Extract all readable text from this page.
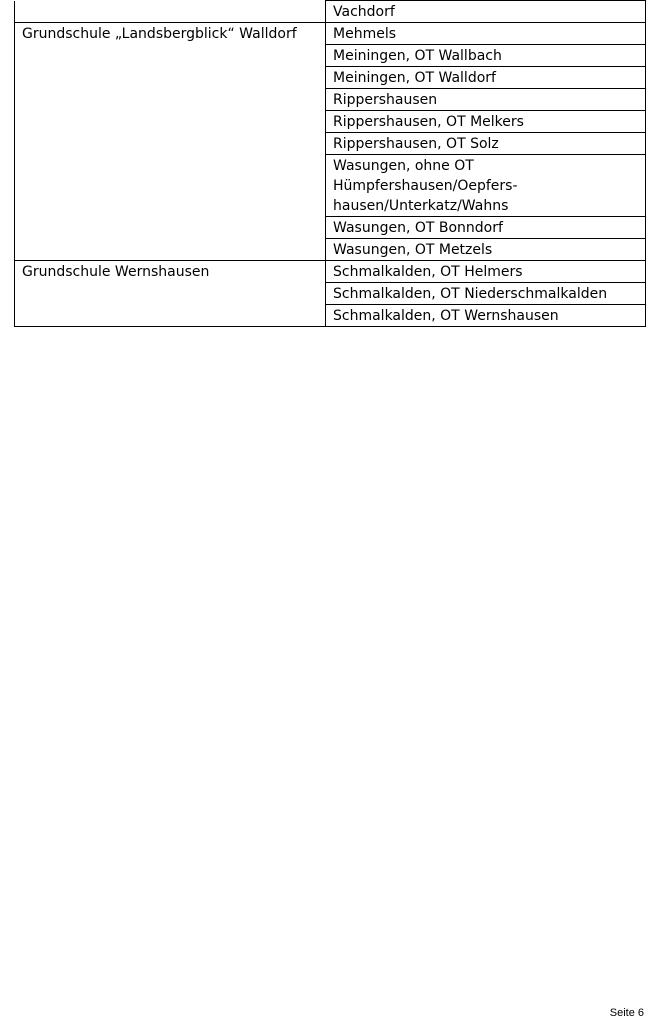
	Vachdorf
Grundschule „Landsbergblick“ Walldorf	Mehmels
	Meiningen, OT Wallbach
	Meiningen, OT Walldorf
	Rippershausen
	Rippershausen, OT Melkers
	Rippershausen, OT Solz
	Wasungen, ohne OT Hümpfershausen/Oepfers-hausen/Unterkatz/Wahns
	Wasungen, OT Bonndorf
	Wasungen, OT Metzels
Grundschule Wernshausen	Schmalkalden, OT Helmers
	Schmalkalden, OT Niederschmalkalden
	Schmalkalden, OT Wernshausen
Seite 6
